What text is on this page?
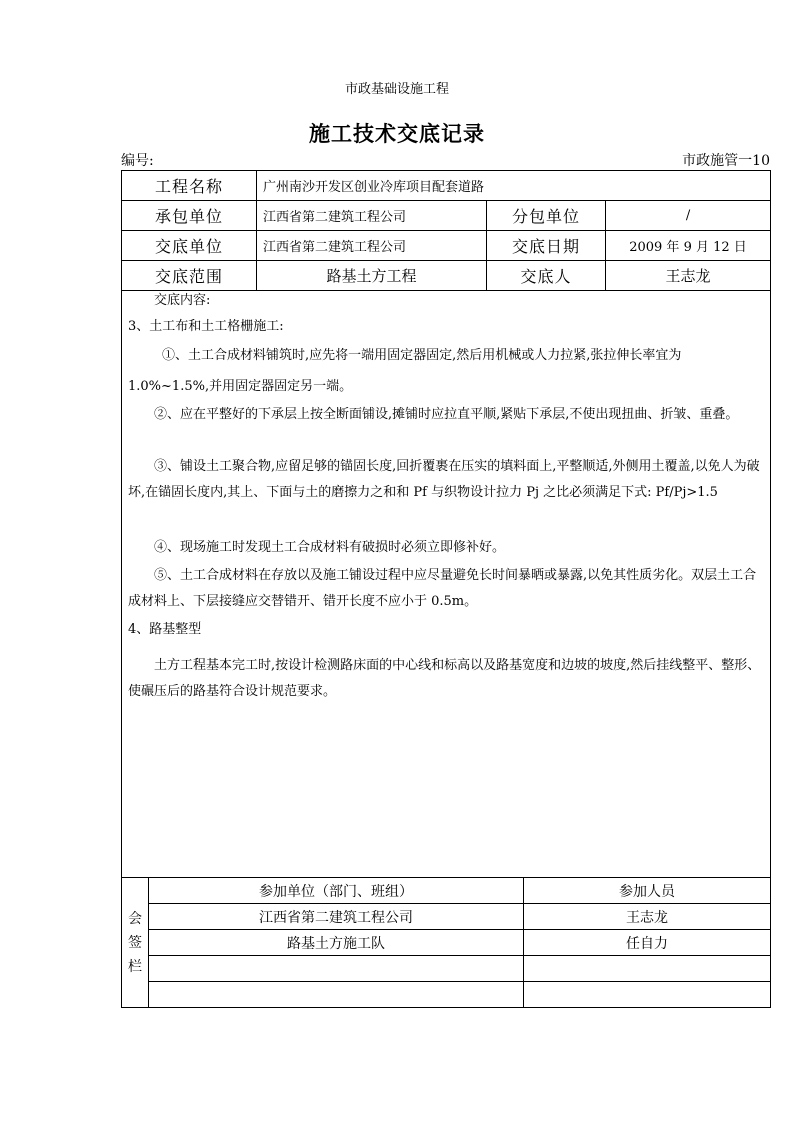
市政基础设施工程
施工技术交底记录
编号:	市政施管一10
工程名称	广州南沙开发区创业冷库项目配套道路		
承包单位	江西省第二建筑工程公司	分包单位	/
交底单位	江西省第二建筑工程公司	交底日期	2009 年 9 月 12 日
交底范围	路基土方工程	交底人	王志龙

交底内容:

3、土工布和土工格栅施工:

①、土工合成材料铺筑时,应先将一端用固定器固定,然后用机械或人力拉紧,张拉伸长率宜为

1.0%~1.5%,并用固定器固定另一端。

②、应在平整好的下承层上按全断面铺设,摊铺时应拉直平顺,紧贴下承层,不使出现扭曲、折皱、重叠。

③、铺设土工聚合物,应留足够的锚固长度,回折覆裹在压实的填料面上,平整顺适,外侧用土覆盖,以免人为破坏,在锚固长度内,其上、下面与土的磨擦力之和和 Pf 与织物设计拉力 Pj 之比必须满足下式: Pf/Pj>1.5

④、现场施工时发现土工合成材料有破损时必须立即修补好。

⑤、土工合成材料在存放以及施工铺设过程中应尽量避免长时间暴晒或暴露,以免其性质劣化。双层土工合成材料上、下层接缝应交替错开、错开长度不应小于 0.5m。

4、路基整型

土方工程基本完工时,按设计检测路床面的中心线和标高以及路基宽度和边坡的坡度,然后挂线整平、整形、使碾压后的路基符合设计规范要求。

会签栏	参加单位（部门、班组）	参加人员
	江西省第二建筑工程公司	王志龙
	路基土方施工队	任自力
